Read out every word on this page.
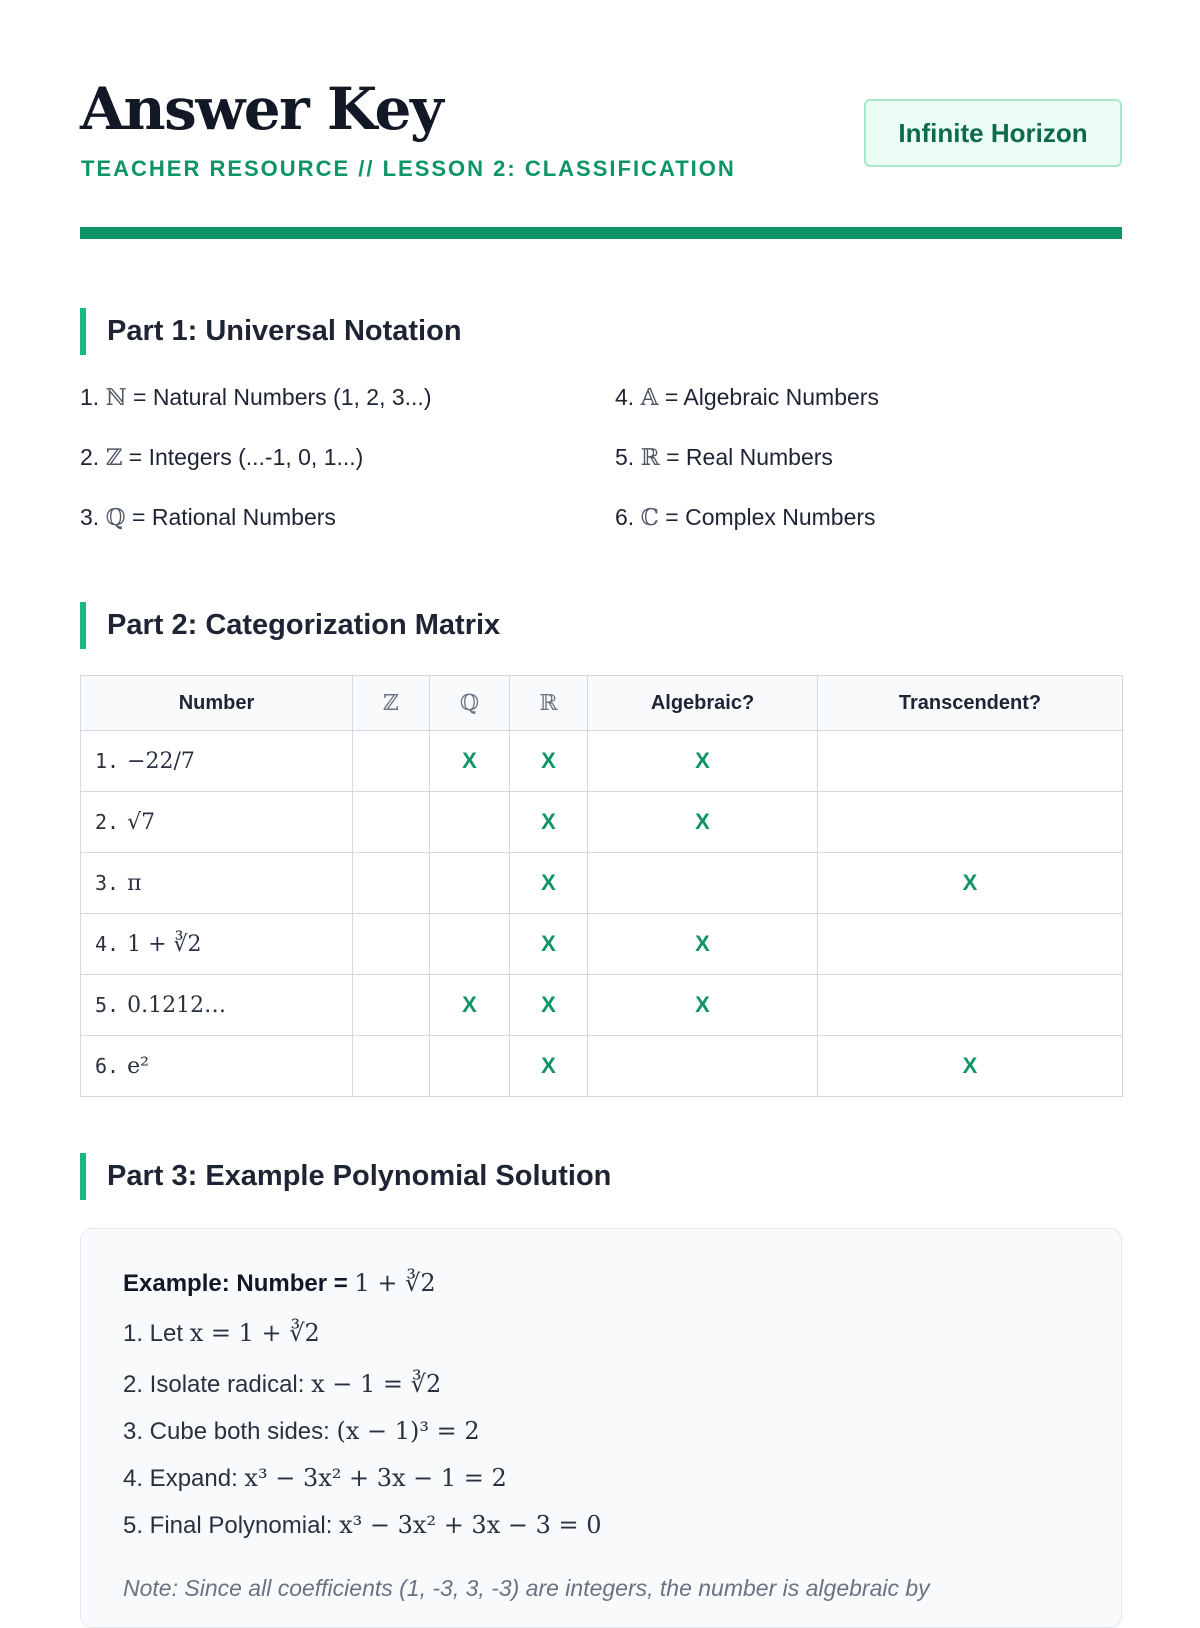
Answer Key
TEACHER RESOURCE // LESSON 2: CLASSIFICATION
Infinite Horizon
Part 1: Universal Notation
1. ℕ = Natural Numbers (1, 2, 3...)
2. ℤ = Integers (...-1, 0, 1...)
3. ℚ = Rational Numbers
4. 𝔸 = Algebraic Numbers
5. ℝ = Real Numbers
6. ℂ = Complex Numbers
Part 2: Categorization Matrix
Number	ℤ	ℚ	ℝ	Algebraic?	Transcendent?
1. −22/7		X	X	X	
2. √7			X	X	
3. π			X		X
4. 1 + ∛2			X	X	
5. 0.1212…		X	X	X	
6. e²			X		X
Part 3: Example Polynomial Solution
Example: Number = 1 + ∛2
1. Let x = 1 + ∛2
2. Isolate radical: x − 1 = ∛2
3. Cube both sides: (x − 1)³ = 2
4. Expand: x³ − 3x² + 3x − 1 = 2
5. Final Polynomial: x³ − 3x² + 3x − 3 = 0
Note: Since all coefficients (1, -3, 3, -3) are integers, the number is algebraic by
